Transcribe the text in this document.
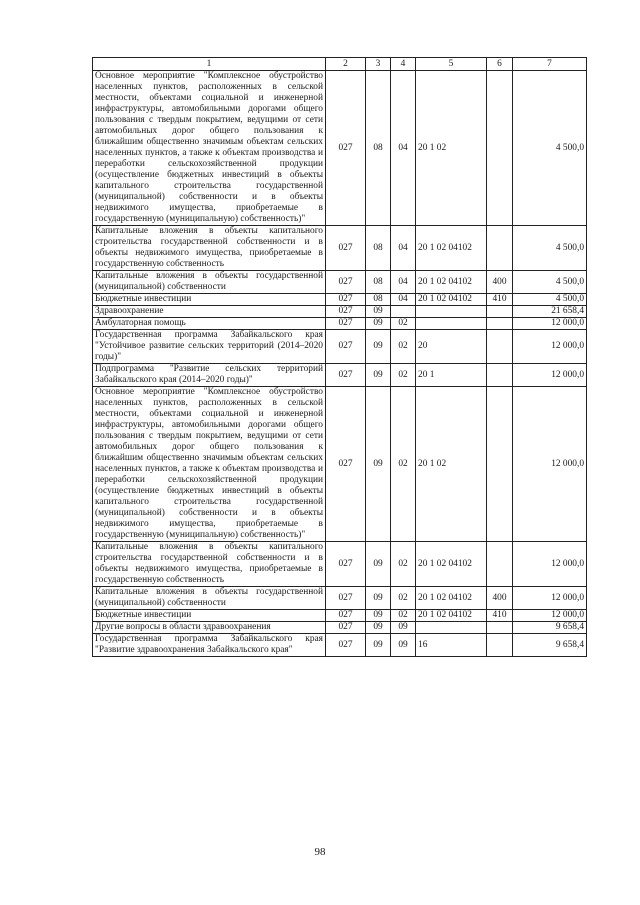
1	2	3	4	5	6	7
Основное мероприятие "Комплексное обустройство населенных пунктов, расположенных в сельской местности, объектами социальной и инженерной инфраструктуры, автомобильными дорогами общего пользования с твердым покрытием, ведущими от сети автомобильных дорог общего пользования к ближайшим общественно значимым объектам сельских населенных пунктов, а также к объектам производства и переработки сельскохозяйственной продукции (осуществление бюджетных инвестиций в объекты капитального строительства государственной (муниципальной) собственности и в объекты недвижимого имущества, приобретаемые в государственную (муниципальную) собственность)"	027	08	04	20 1 02		4 500,0
Капитальные вложения в объекты капитального строительства государственной собственности и в объекты недвижимого имущества, приобретаемые в государственную собственность	027	08	04	20 1 02 04102		4 500,0
Капитальные вложения в объекты государственной (муниципальной) собственности	027	08	04	20 1 02 04102	400	4 500,0
Бюджетные инвестиции	027	08	04	20 1 02 04102	410	4 500,0
Здравоохранение	027	09				21 658,4
Амбулаторная помощь	027	09	02			12 000,0
Государственная программа Забайкальского края "Устойчивое развитие сельских территорий (2014–2020 годы)"	027	09	02	20		12 000,0
Подпрограмма "Развитие сельских территорий Забайкальского края (2014–2020 годы)"	027	09	02	20 1		12 000,0
Основное мероприятие "Комплексное обустройство населенных пунктов, расположенных в сельской местности, объектами социальной и инженерной инфраструктуры, автомобильными дорогами общего пользования с твердым покрытием, ведущими от сети автомобильных дорог общего пользования к ближайшим общественно значимым объектам сельских населенных пунктов, а также к объектам производства и переработки сельскохозяйственной продукции (осуществление бюджетных инвестиций в объекты капитального строительства государственной (муниципальной) собственности и в объекты недвижимого имущества, приобретаемые в государственную (муниципальную) собственность)"	027	09	02	20 1 02		12 000,0
Капитальные вложения в объекты капитального строительства государственной собственности и в объекты недвижимого имущества, приобретаемые в государственную собственность	027	09	02	20 1 02 04102		12 000,0
Капитальные вложения в объекты государственной (муниципальной) собственности	027	09	02	20 1 02 04102	400	12 000,0
Бюджетные инвестиции	027	09	02	20 1 02 04102	410	12 000,0
Другие вопросы в области здравоохранения	027	09	09			9 658,4
Государственная программа Забайкальского края "Развитие здравоохранения Забайкальского края"	027	09	09	16		9 658,4
98
